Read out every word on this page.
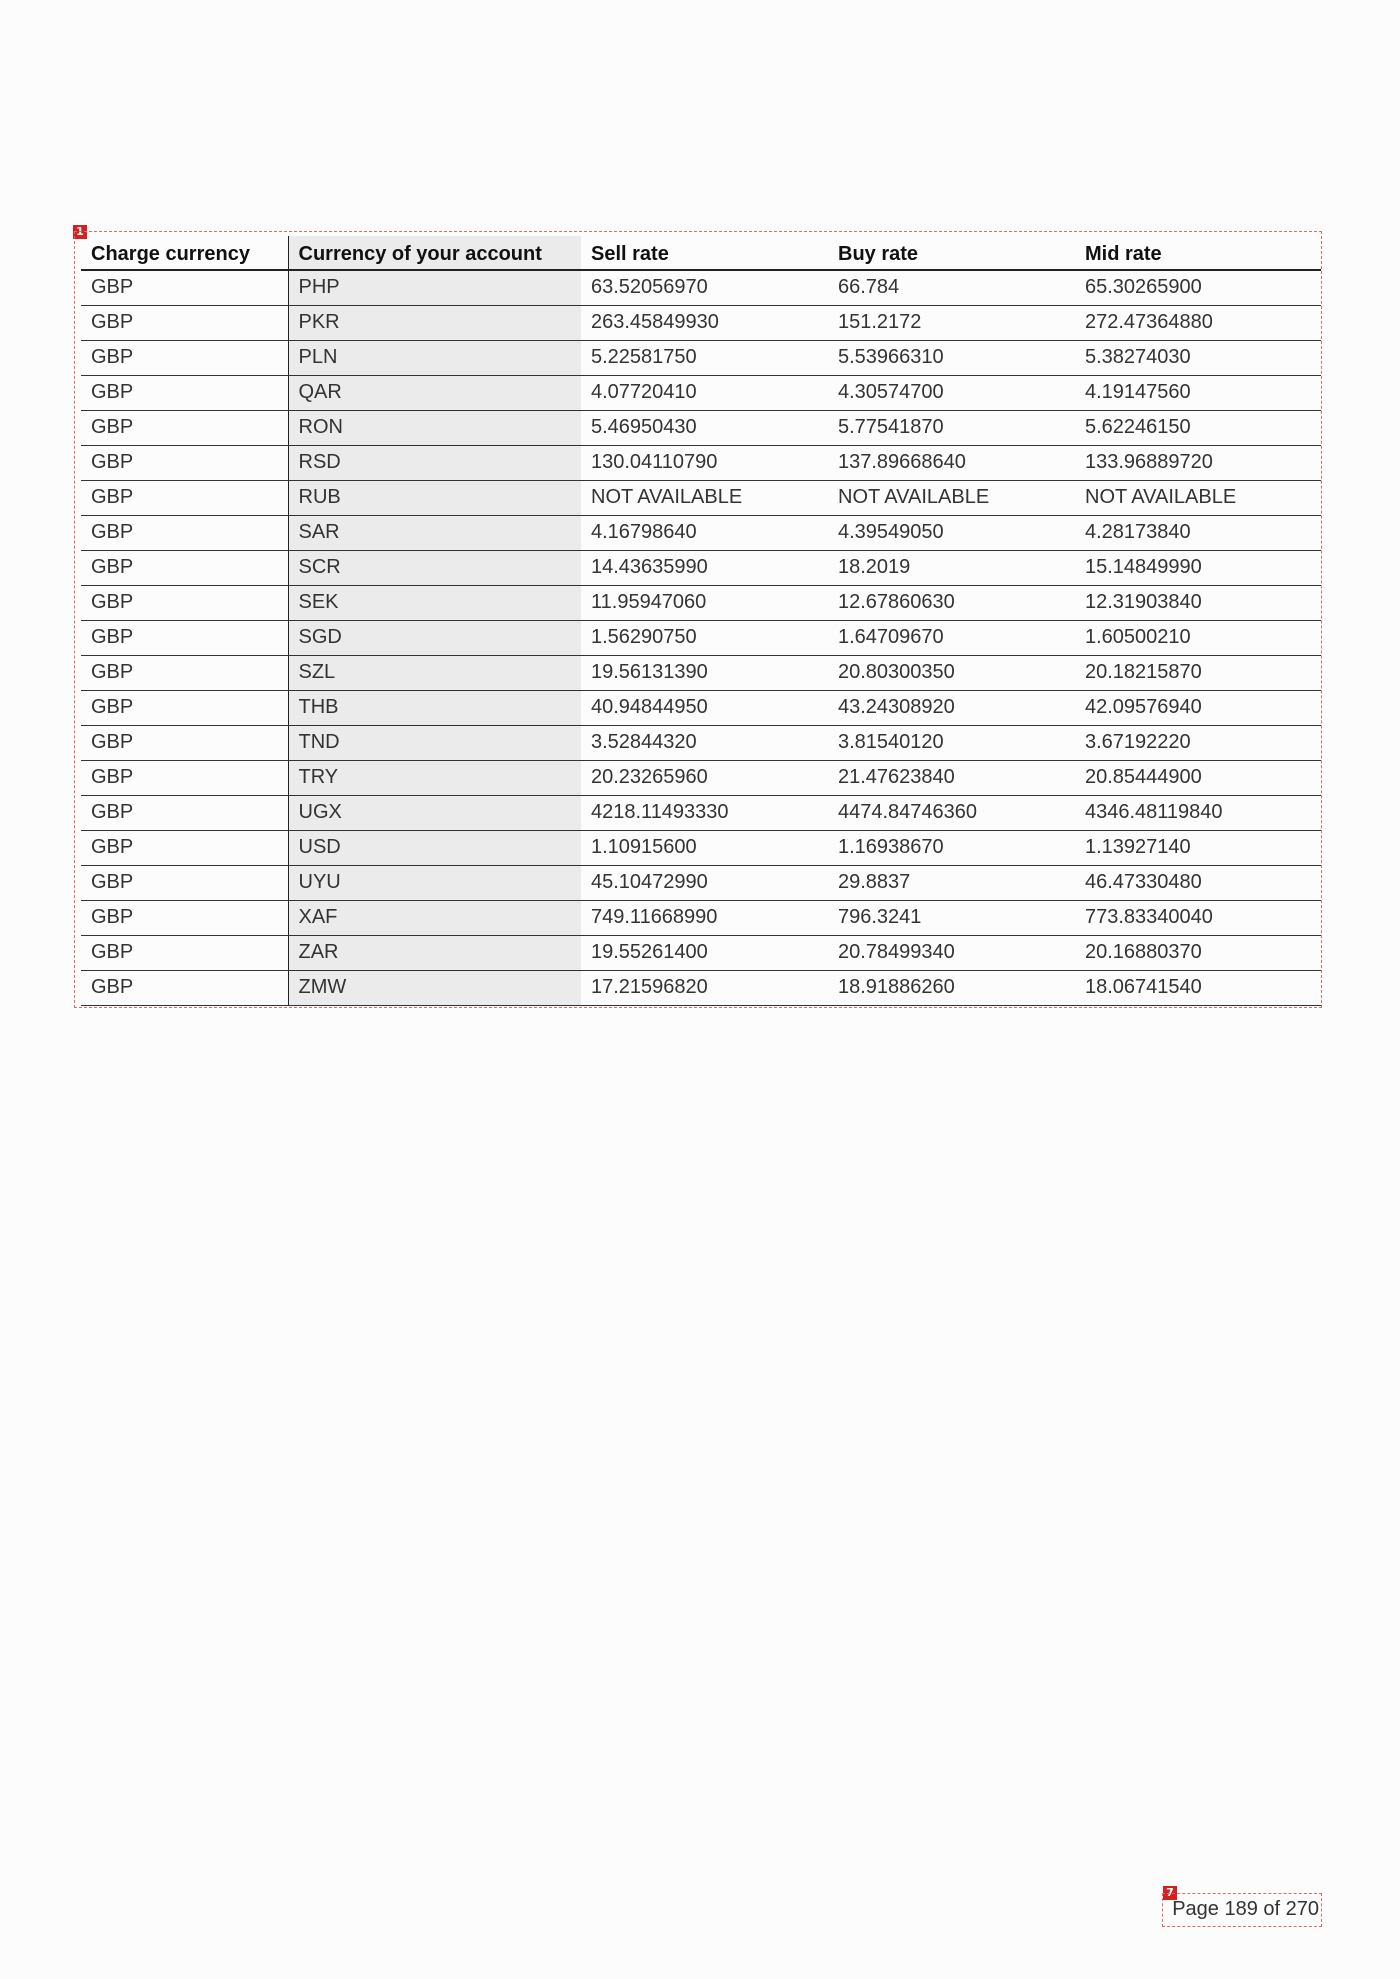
1
Charge currency	Currency of your account	Sell rate	Buy rate	Mid rate
GBP	PHP	63.52056970	66.784	65.30265900
GBP	PKR	263.45849930	151.2172	272.47364880
GBP	PLN	5.22581750	5.53966310	5.38274030
GBP	QAR	4.07720410	4.30574700	4.19147560
GBP	RON	5.46950430	5.77541870	5.62246150
GBP	RSD	130.04110790	137.89668640	133.96889720
GBP	RUB	NOT AVAILABLE	NOT AVAILABLE	NOT AVAILABLE
GBP	SAR	4.16798640	4.39549050	4.28173840
GBP	SCR	14.43635990	18.2019	15.14849990
GBP	SEK	11.95947060	12.67860630	12.31903840
GBP	SGD	1.56290750	1.64709670	1.60500210
GBP	SZL	19.56131390	20.80300350	20.18215870
GBP	THB	40.94844950	43.24308920	42.09576940
GBP	TND	3.52844320	3.81540120	3.67192220
GBP	TRY	20.23265960	21.47623840	20.85444900
GBP	UGX	4218.11493330	4474.84746360	4346.48119840
GBP	USD	1.10915600	1.16938670	1.13927140
GBP	UYU	45.10472990	29.8837	46.47330480
GBP	XAF	749.11668990	796.3241	773.83340040
GBP	ZAR	19.55261400	20.78499340	20.16880370
GBP	ZMW	17.21596820	18.91886260	18.06741540
7
Page 189 of 270
